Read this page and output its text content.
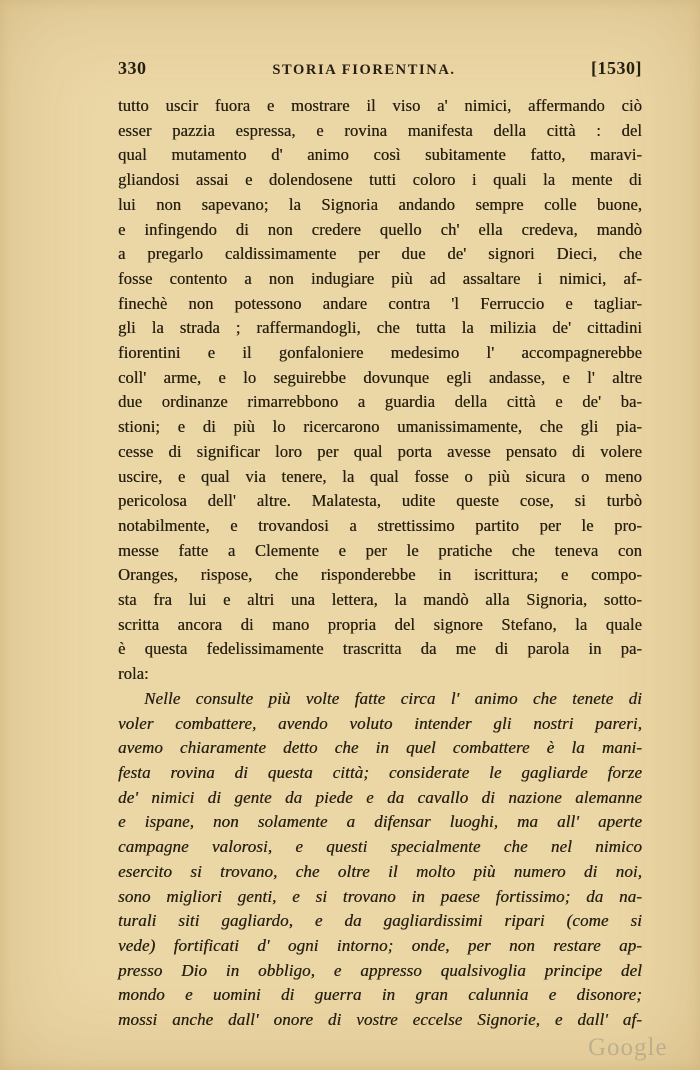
330	STORIA FIORENTINA.	[1530]
tutto uscir fuora e mostrare il viso a' nimici, affermando ciò
esser pazzia espressa, e rovina manifesta della città : del
qual mutamento d' animo così subitamente fatto, maravi-
gliandosi assai e dolendosene tutti coloro i quali la mente di
lui non sapevano; la Signoria andando sempre colle buone,
e infingendo di non credere quello ch' ella credeva, mandò
a pregarlo caldissimamente per due de' signori Dieci, che
fosse contento a non indugiare più ad assaltare i nimici, af-
finechè non potessono andare contra 'l Ferruccio e tagliar-
gli la strada ; raffermandogli, che tutta la milizia de' cittadini
fiorentini e il gonfaloniere medesimo l' accompagnerebbe
coll' arme, e lo seguirebbe dovunque egli andasse, e l' altre
due ordinanze rimarrebbono a guardia della città e de' ba-
stioni; e di più lo ricercarono umanissimamente, che gli pia-
cesse di significar loro per qual porta avesse pensato di volere
uscire, e qual via tenere, la qual fosse o più sicura o meno
pericolosa dell' altre. Malatesta, udite queste cose, si turbò
notabilmente, e trovandosi a strettissimo partito per le pro-
messe fatte a Clemente e per le pratiche che teneva con
Oranges, rispose, che risponderebbe in iscrittura; e compo-
sta fra lui e altri una lettera, la mandò alla Signoria, sotto-
scritta ancora di mano propria del signore Stefano, la quale
è questa fedelissimamente trascritta da me di parola in pa-
rola:
Nelle consulte più volte fatte circa l' animo che tenete di
voler combattere, avendo voluto intender gli nostri pareri,
avemo chiaramente detto che in quel combattere è la mani-
festa rovina di questa città; considerate le gagliarde forze
de' nimici di gente da piede e da cavallo di nazione alemanne
e ispane, non solamente a difensar luoghi, ma all' aperte
campagne valorosi, e questi specialmente che nel nimico
esercito si trovano, che oltre il molto più numero di noi,
sono migliori genti, e si trovano in paese fortissimo; da na-
turali siti gagliardo, e da gagliardissimi ripari (come si
vede) fortificati d' ogni intorno; onde, per non restare ap-
presso Dio in obbligo, e appresso qualsivoglia principe del
mondo e uomini di guerra in gran calunnia e disonore;
mossi anche dall' onore di vostre eccelse Signorie, e dall' af-
Google
